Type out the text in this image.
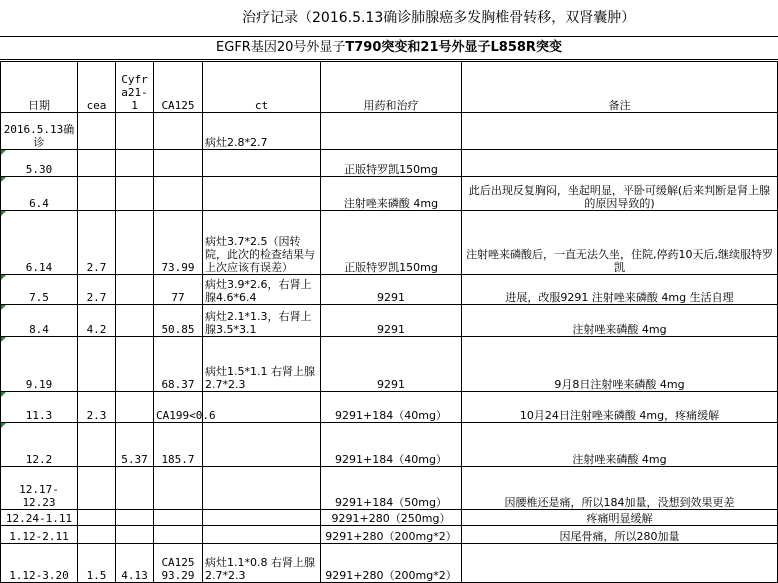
治疗记录（2016.5.13确诊肺腺癌多发胸椎骨转移，双肾囊肿）
EGFR基因20号外显子T790突变和21号外显子L858R突变
日期	cea	Cyfra21-1	CA125	ct	用药和治疗	备注
2016.5.13确诊				病灶2.8*2.7		
5.30					正版特罗凯150mg	
6.4					注射唑来磷酸 4mg	此后出现反复胸闷，坐起明显，平卧可缓解(后来判断是肾上腺的原因导致的)
6.14	2.7		73.99	病灶3.7*2.5（因转院，此次的检查结果与上次应该有误差）	正版特罗凯150mg	注射唑来磷酸后，一直无法久坐，住院,停药10天后,继续服特罗凯
7.5	2.7		77	病灶3.9*2.6，右肾上腺4.6*6.4	9291	进展，改服9291 注射唑来磷酸 4mg 生活自理
8.4	4.2		50.85	病灶2.1*1.3，右肾上腺3.5*3.1	9291	注射唑来磷酸 4mg
9.19			68.37	病灶1.5*1.1 右肾上腺2.7*2.3	9291	9月8日注射唑来磷酸 4mg
11.3	2.3		CA199<0.6		9291+184（40mg）	10月24日注射唑来磷酸 4mg，疼痛缓解
12.2		5.37	185.7		9291+184（40mg）	注射唑来磷酸 4mg
12.17-12.23					9291+184（50mg）	因腰椎还是痛，所以184加量，没想到效果更差
12.24-1.11					9291+280（250mg）	疼痛明显缓解
1.12-2.11					9291+280（200mg*2）	因尾骨痛，所以280加量
1.12-3.20	1.5	4.13	CA125 93.29	病灶1.1*0.8 右肾上腺2.7*2.3	9291+280（200mg*2）	
